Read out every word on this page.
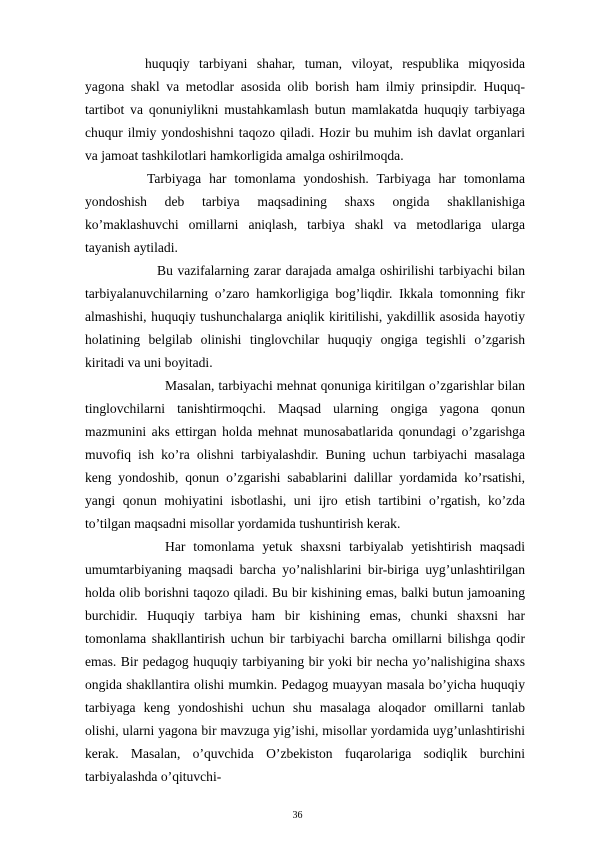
huquqiy tarbiyani shahar, tuman, viloyat, respublika miqyosida yagona shakl va metodlar asosida olib borish ham ilmiy prinsipdir. Huquq-tartibot va qonuniylikni mustahkamlash butun mamlakatda huquqiy tarbiyaga chuqur ilmiy yondoshishni taqozo qiladi. Hozir bu muhim ish davlat organlari va jamoat tashkilotlari hamkorligida amalga oshirilmoqda.

Tarbiyaga har tomonlama yondoshish. Tarbiyaga har tomonlama yondoshish deb tarbiya maqsadining shaxs ongida shakllanishiga ko’maklashuvchi omillarni aniqlash, tarbiya shakl va metodlariga ularga tayanish aytiladi.

Bu vazifalarning zarar darajada amalga oshirilishi tarbiyachi bilan tarbiyalanuvchilarning o’zaro hamkorligiga bog’liqdir. Ikkala tomonning fikr almashishi, huquqiy tushunchalarga aniqlik kiritilishi, yakdillik asosida hayotiy holatining belgilab olinishi tinglovchilar huquqiy ongiga tegishli o’zgarish kiritadi va uni boyitadi.

Masalan, tarbiyachi mehnat qonuniga kiritilgan o’zgarishlar bilan tinglovchilarni tanishtirmoqchi. Maqsad ularning ongiga yagona qonun mazmunini aks ettirgan holda mehnat munosabatlarida qonundagi o’zgarishga muvofiq ish ko’ra olishni tarbiyalashdir. Buning uchun tarbiyachi masalaga keng yondoshib, qonun o’zgarishi sabablarini dalillar yordamida ko’rsatishi, yangi qonun mohiyatini isbotlashi, uni ijro etish tartibini o’rgatish, ko’zda to’tilgan maqsadni misollar yordamida tushuntirish kerak.

Har tomonlama yetuk shaxsni tarbiyalab yetishtirish maqsadi umumtarbiyaning maqsadi barcha yo’nalishlarini bir-biriga uyg’unlashtirilgan holda olib borishni taqozo qiladi. Bu bir kishining emas, balki butun jamoaning burchidir. Huquqiy tarbiya ham bir kishining emas, chunki shaxsni har tomonlama shakllantirish uchun bir tarbiyachi barcha omillarni bilishga qodir emas. Bir pedagog huquqiy tarbiyaning bir yoki bir necha yo’nalishigina shaxs ongida shakllantira olishi mumkin. Pedagog muayyan masala bo’yicha huquqiy tarbiyaga keng yondoshishi uchun shu masalaga aloqador omillarni tanlab olishi, ularni yagona bir mavzuga yig’ishi, misollar yordamida uyg’unlashtirishi kerak. Masalan, o’quvchida O’zbekiston fuqarolariga sodiqlik burchini tarbiyalashda o’qituvchi-

36
